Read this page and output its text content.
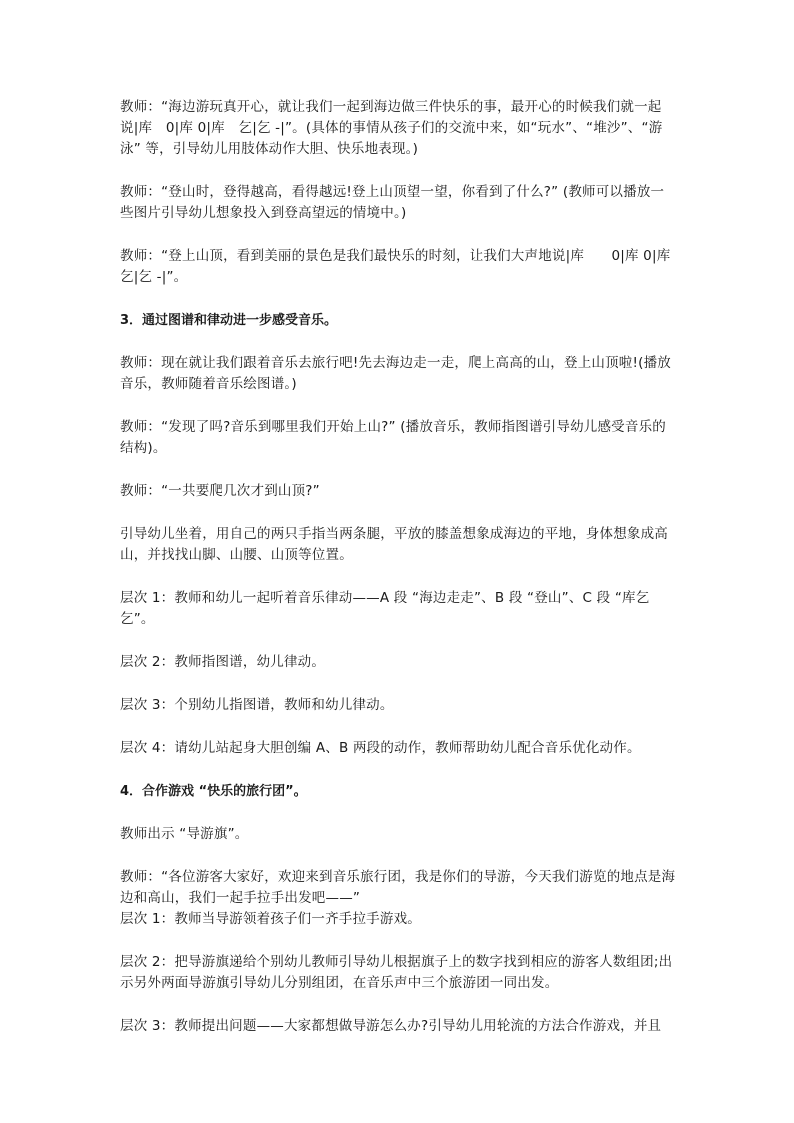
教师：“海边游玩真开心，就让我们一起到海边做三件快乐的事，最开心的时候我们就一起说|库　0|库 0|库　乞|乞 -|”。(具体的事情从孩子们的交流中来，如“玩水”、“堆沙”、“游泳” 等，引导幼儿用肢体动作大胆、快乐地表现。)

教师：“登山时，登得越高，看得越远!登上山顶望一望，你看到了什么?” (教师可以播放一些图片引导幼儿想象投入到登高望远的情境中。)

教师：“登上山顶，看到美丽的景色是我们最快乐的时刻，让我们大声地说|库　　0|库 0|库 乞|乞 -|”。

3．通过图谱和律动进一步感受音乐。

教师：现在就让我们跟着音乐去旅行吧!先去海边走一走，爬上高高的山，登上山顶啦!(播放音乐，教师随着音乐绘图谱。)

教师：“发现了吗?音乐到哪里我们开始上山?” (播放音乐，教师指图谱引导幼儿感受音乐的结构)。

教师：“一共要爬几次才到山顶?”

引导幼儿坐着，用自己的两只手指当两条腿，平放的膝盖想象成海边的平地，身体想象成高山，并找找山脚、山腰、山顶等位置。

层次 1：教师和幼儿一起听着音乐律动——A 段 “海边走走”、B 段 “登山”、C 段 “库乞乞”。

层次 2：教师指图谱，幼儿律动。

层次 3：个别幼儿指图谱，教师和幼儿律动。

层次 4：请幼儿站起身大胆创编 A、B 两段的动作，教师帮助幼儿配合音乐优化动作。

4．合作游戏 “快乐的旅行团”。

教师出示 “导游旗”。

教师：“各位游客大家好，欢迎来到音乐旅行团，我是你们的导游，今天我们游览的地点是海边和高山，我们一起手拉手出发吧——”

层次 1：教师当导游领着孩子们一齐手拉手游戏。

层次 2：把导游旗递给个别幼儿教师引导幼儿根据旗子上的数字找到相应的游客人数组团;出示另外两面导游旗引导幼儿分别组团，在音乐声中三个旅游团一同出发。

层次 3：教师提出问题——大家都想做导游怎么办?引导幼儿用轮流的方法合作游戏，并且
